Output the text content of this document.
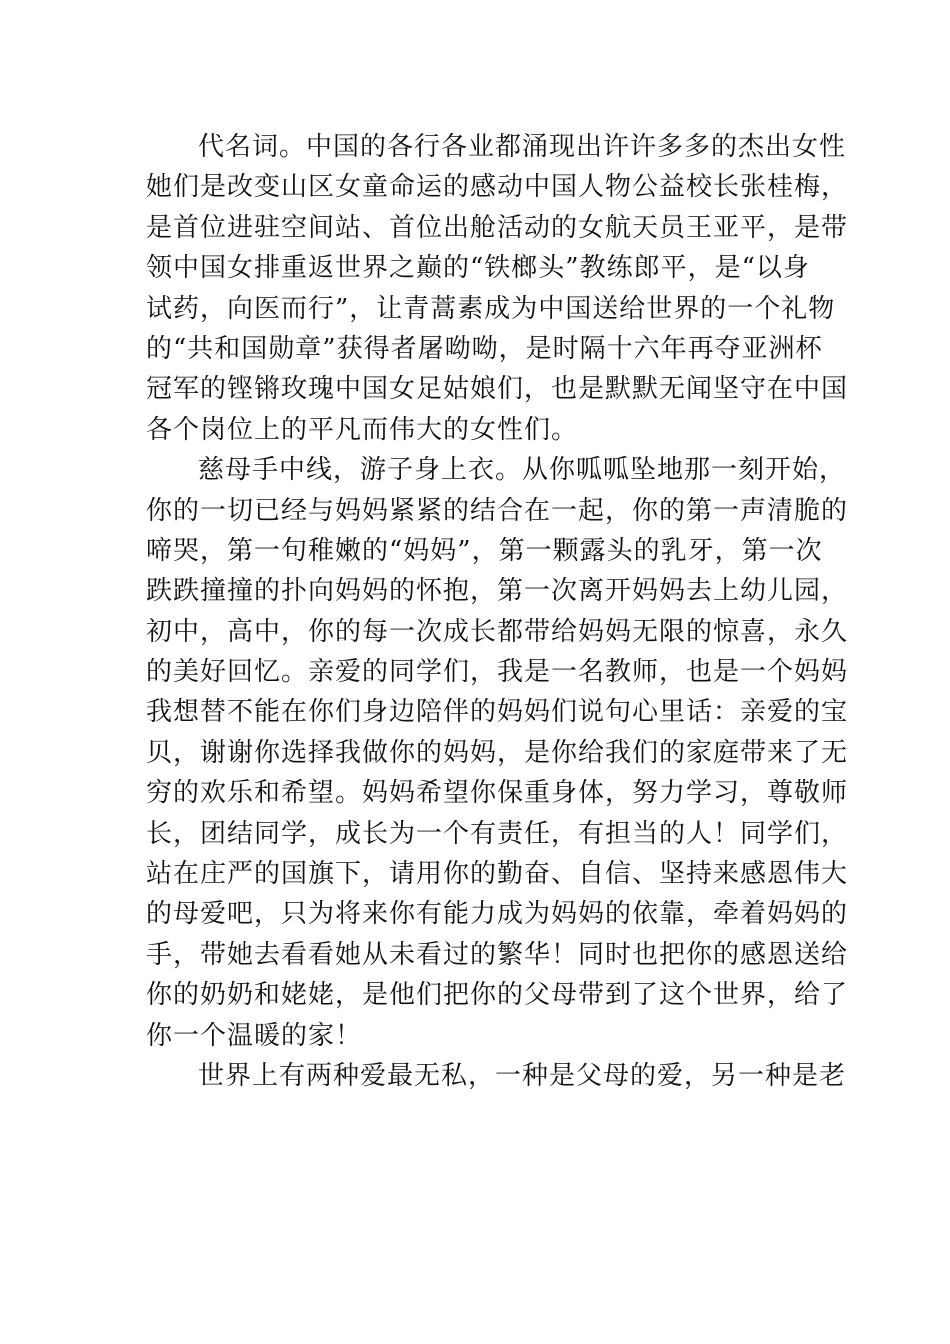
代名词。中国的各行各业都涌现出许许多多的杰出女性
她们是改变山区女童命运的感动中国人物公益校长张桂梅，
是首位进驻空间站、首位出舱活动的女航天员王亚平，是带
领中国女排重返世界之巅的“铁榔头”教练郎平，是“以身
试药，向医而行”，让青蒿素成为中国送给世界的一个礼物
的“共和国勋章”获得者屠呦呦，是时隔十六年再夺亚洲杯
冠军的铿锵玫瑰中国女足姑娘们，也是默默无闻坚守在中国
各个岗位上的平凡而伟大的女性们。
慈母手中线，游子身上衣。从你呱呱坠地那一刻开始，
你的一切已经与妈妈紧紧的结合在一起，你的第一声清脆的
啼哭，第一句稚嫩的“妈妈”，第一颗露头的乳牙，第一次
跌跌撞撞的扑向妈妈的怀抱，第一次离开妈妈去上幼儿园，
初中，高中，你的每一次成长都带给妈妈无限的惊喜，永久
的美好回忆。亲爱的同学们，我是一名教师，也是一个妈妈
我想替不能在你们身边陪伴的妈妈们说句心里话：亲爱的宝
贝，谢谢你选择我做你的妈妈，是你给我们的家庭带来了无
穷的欢乐和希望。妈妈希望你保重身体，努力学习，尊敬师
长，团结同学，成长为一个有责任，有担当的人！同学们，
站在庄严的国旗下，请用你的勤奋、自信、坚持来感恩伟大
的母爱吧，只为将来你有能力成为妈妈的依靠，牵着妈妈的
手，带她去看看她从未看过的繁华！同时也把你的感恩送给
你的奶奶和姥姥，是他们把你的父母带到了这个世界，给了
你一个温暖的家！
世界上有两种爱最无私，一种是父母的爱，另一种是老
